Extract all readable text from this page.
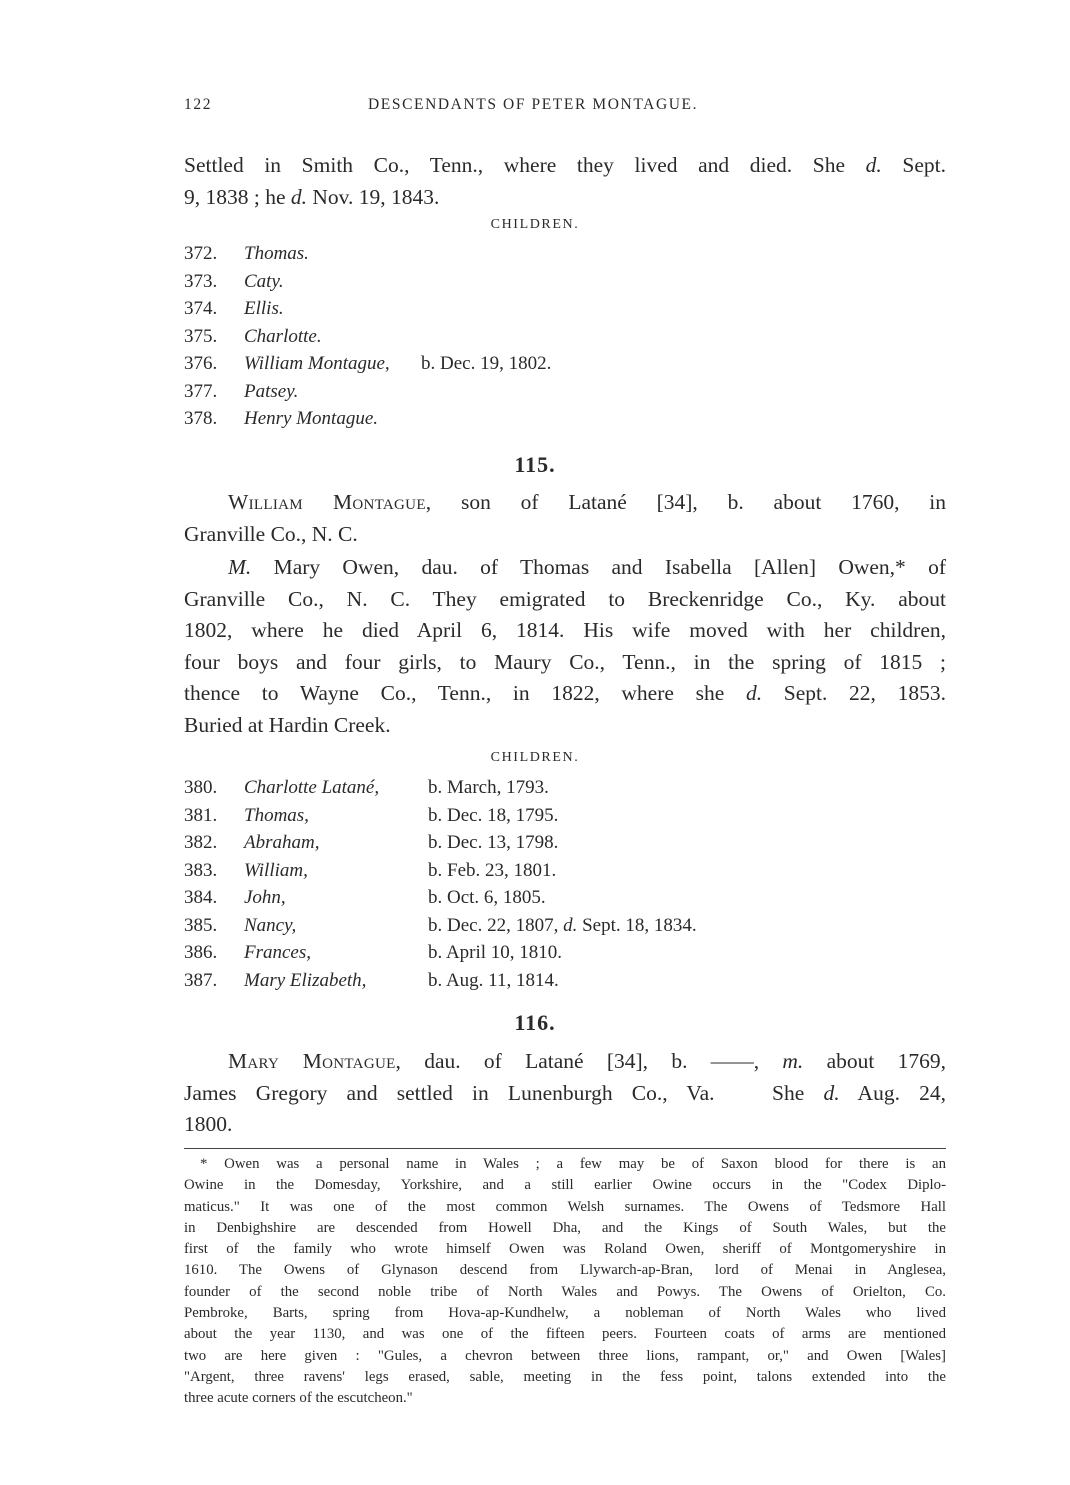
122	DESCENDANTS OF PETER MONTAGUE.
Settled in Smith Co., Tenn., where they lived and died. She d. Sept.
9, 1838 ; he d. Nov. 19, 1843.
CHILDREN.
372. Thomas.
373. Caty.
374. Ellis.
375. Charlotte.
376. William Montague, b. Dec. 19, 1802.
377. Patsey.
378. Henry Montague.
115.
William Montague, son of Latané [34], b. about 1760, in
Granville Co., N. C.
M. Mary Owen, dau. of Thomas and Isabella [Allen] Owen,* of
Granville Co., N. C. They emigrated to Breckenridge Co., Ky. about
1802, where he died April 6, 1814. His wife moved with her children,
four boys and four girls, to Maury Co., Tenn., in the spring of 1815 ;
thence to Wayne Co., Tenn., in 1822, where she d. Sept. 22, 1853.
Buried at Hardin Creek.
CHILDREN.
380. Charlotte Latané,	b. March, 1793.
381. Thomas,	b. Dec. 18, 1795.
382. Abraham,	b. Dec. 13, 1798.
383. William,	b. Feb. 23, 1801.
384. John,	b. Oct. 6, 1805.
385. Nancy,	b. Dec. 22, 1807, d. Sept. 18, 1834.
386. Frances,	b. April 10, 1810.
387. Mary Elizabeth,	b. Aug. 11, 1814.
116.
Mary Montague, dau. of Latané [34], b. ——, m. about 1769,
James Gregory and settled in Lunenburgh Co., Va.   She d. Aug. 24,
1800.
* Owen was a personal name in Wales ; a few may be of Saxon blood for there is an
Owine in the Domesday, Yorkshire, and a still earlier Owine occurs in the "Codex Diplo-
maticus." It was one of the most common Welsh surnames. The Owens of Tedsmore Hall
in Denbighshire are descended from Howell Dha, and the Kings of South Wales, but the
first of the family who wrote himself Owen was Roland Owen, sheriff of Montgomeryshire in
1610. The Owens of Glynason descend from Llywarch-ap-Bran, lord of Menai in Anglesea,
founder of the second noble tribe of North Wales and Powys. The Owens of Orielton, Co.
Pembroke, Barts, spring from Hova-ap-Kundhelw, a nobleman of North Wales who lived
about the year 1130, and was one of the fifteen peers. Fourteen coats of arms are mentioned
two are here given : "Gules, a chevron between three lions, rampant, or," and Owen [Wales]
"Argent, three ravens' legs erased, sable, meeting in the fess point, talons extended into the
three acute corners of the escutcheon."
